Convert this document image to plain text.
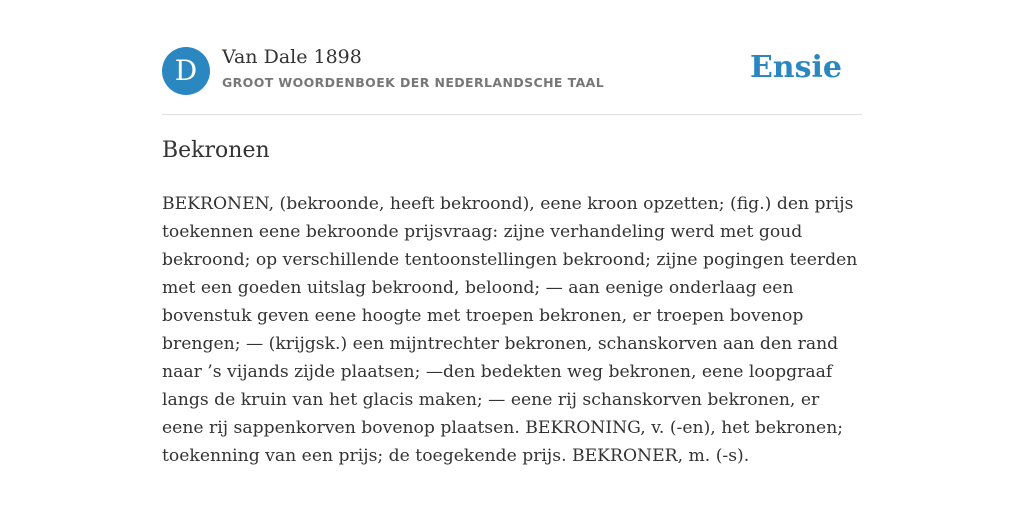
D Van Dale 1898
GROOT WOORDENBOEK DER NEDERLANDSCHE TAAL	Ensie
Bekronen

BEKRONEN, (bekroonde, heeft bekroond), eene kroon opzetten; (fig.) den prijs toekennen eene bekroonde prijsvraag: zijne verhandeling werd met goud bekroond; op verschillende tentoonstellingen bekroond; zijne pogingen teerden met een goeden uitslag bekroond, beloond; — aan eenige onderlaag een bovenstuk geven eene hoogte met troepen bekronen, er troepen bovenop brengen; — (krijgsk.) een mijntrechter bekronen, schanskorven aan den rand naar ’s vijands zijde plaatsen; —den bedekten weg bekronen, eene loopgraaf langs de kruin van het glacis maken; — eene rij schanskorven bekronen, er eene rij sappenkorven bovenop plaatsen. BEKRONING, v. (-en), het bekronen; toekenning van een prijs; de toegekende prijs. BEKRONER, m. (-s).
